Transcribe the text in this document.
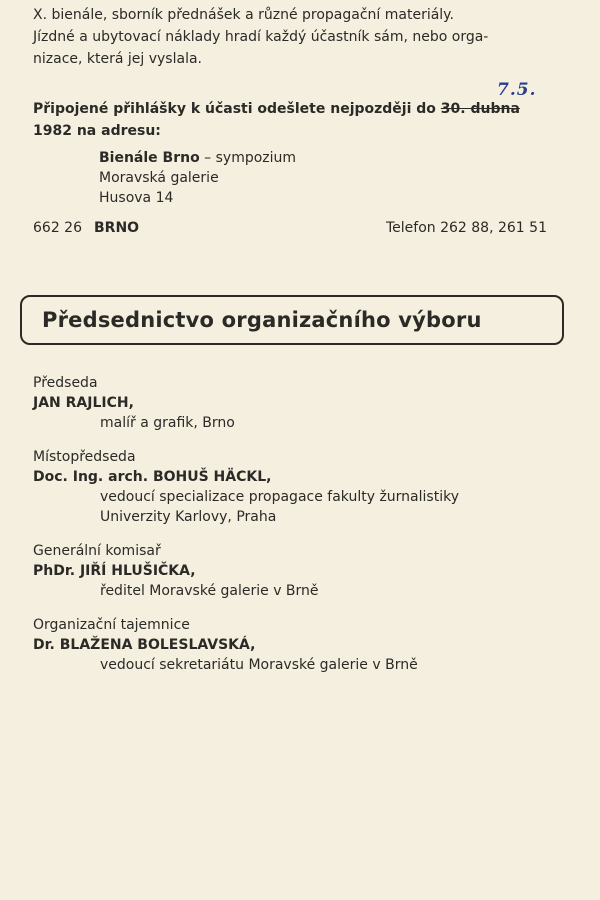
X. bienále, sborník přednášek a různé propagační materiály.
Jízdné a ubytovací náklady hradí každý účastník sám, nebo orga-
nizace, která jej vyslala.
7.5.
Připojené přihlášky k účasti odešlete nejpozději do 30. dubna
1982 na adresu:
Bienále Brno – sympozium
Moravská galerie
Husova 14
662 26 BRNO	Telefon 262 88, 261 51
Předsednictvo organizačního výboru
Předseda
JAN RAJLICH,
malíř a grafik, Brno
Místopředseda
Doc. Ing. arch. BOHUŠ HÄCKL,
vedoucí specializace propagace fakulty žurnalistiky
Univerzity Karlovy, Praha
Generální komisař
PhDr. JIŘÍ HLUŠIČKA,
ředitel Moravské galerie v Brně
Organizační tajemnice
Dr. BLAŽENA BOLESLAVSKÁ,
vedoucí sekretariátu Moravské galerie v Brně
